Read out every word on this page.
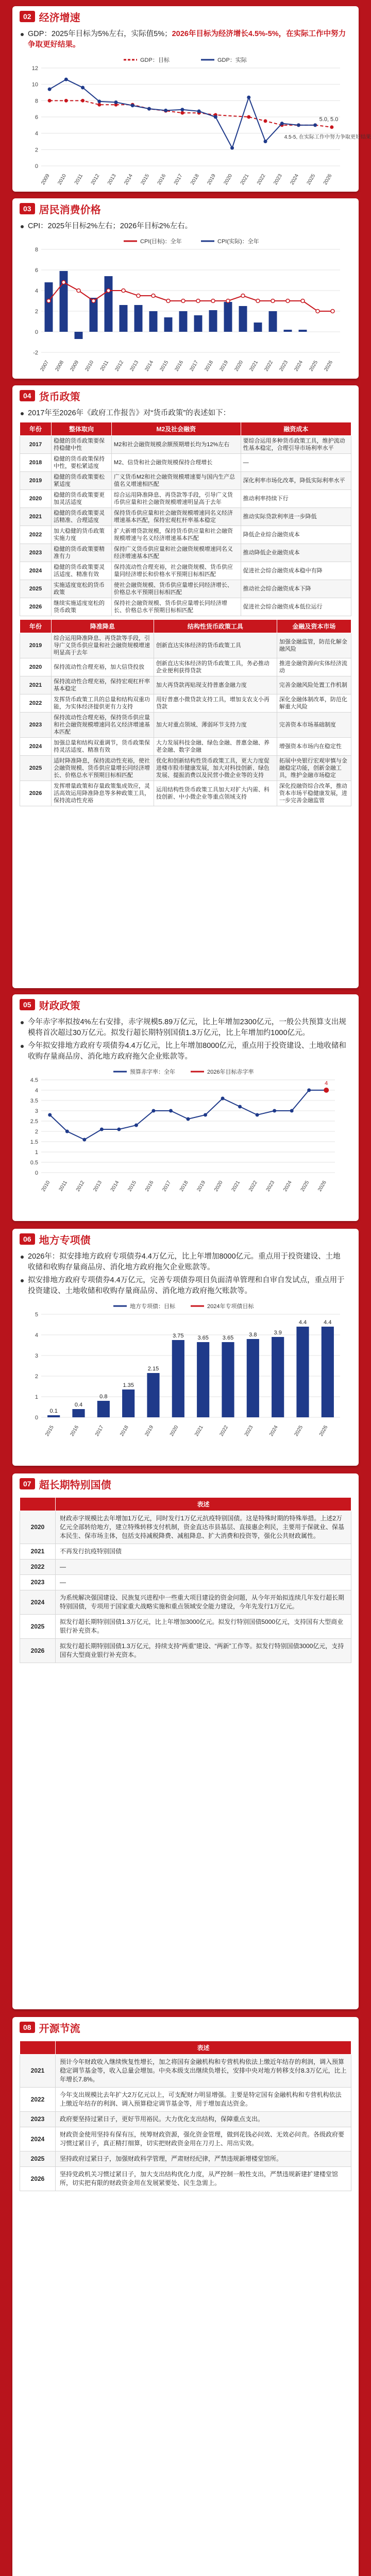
02 经济增速
GDP：2025年目标为5%左右，实际值5%；2026年目标为经济增长4.5%-5%，在实际工作中努力争取更好结果。
GDP：目标	GDP：实际
0
2
4
6
8
10
12
2009 2010 2011 2012 2013 2014 2015 2016 2017 2018 2019 2020 2021 2022 2023 2024 2025 2026
5.0, 5.0
4.5-5, 在实际工作中努力争取更好结果
03 居民消费价格
CPI：2025年目标2%左右；2026年目标2%左右。
CPI(目标)：全年	CPI(实际)：全年
-2
0
2
4
6
8
2007 2008 2009 2010 2011 2012 2013 2014 2015 2016 2017 2018 2019 2020 2021 2022 2023 2024 2025 2026
04 货币政策
2017年至2026年《政府工作报告》对“货币政策”的表述如下：
年份	整体取向	M2及社会融资	融资成本
2017	稳健的货币政策要保持稳健中性	M2和社会融资规模余额预期增长均为12%左右	要综合运用多种货币政策工具，维护流动性基本稳定，合理引导市场利率水平
2018	稳健的货币政策保持中性，要松紧适度	M2、信贷和社会融资规模保持合理增长	—
2019	稳健的货币政策要松紧适度	广义货币M2和社会融资规模增速要与国内生产总值名义增速相匹配	深化利率市场化改革，降低实际利率水平
2020	稳健的货币政策要更加灵活适度	综合运用降准降息、再贷款等手段，引导广义货币供应量和社会融资规模增速明显高于去年	推动利率持续下行
2021	稳健的货币政策要灵活精准、合理适度	保持货币供应量和社会融资规模增速同名义经济增速基本匹配，保持宏观杠杆率基本稳定	推动实际贷款利率进一步降低
2022	加大稳健的货币政策实施力度	扩大新增贷款规模，保持货币供应量和社会融资规模增速与名义经济增速基本匹配	降低企业综合融资成本
2023	稳健的货币政策要精准有力	保持广义货币供应量和社会融资规模增速同名义经济增速基本匹配	推动降低企业融资成本
2024	稳健的货币政策要灵活适度、精准有效	保持流动性合理充裕，社会融资规模、货币供应量同经济增长和价格水平预期目标相匹配	促进社会综合融资成本稳中有降
2025	实施适度宽松的货币政策	使社会融资规模、货币供应量增长同经济增长、价格总水平预期目标相匹配	推动社会综合融资成本下降
2026	继续实施适度宽松的货币政策	保持社会融资规模、货币供应量增长同经济增长、价格总水平预期目标相匹配	促进社会综合融资成本低位运行
年份	降准降息	结构性货币政策工具	金融及资本市场
2019	综合运用降准降息、再贷款等手段，引导广义货币供应量和社会融资规模增速明显高于去年	创新直达实体经济的货币政策工具	加强金融监管，防范化解金融风险
2020	保持流动性合理充裕，加大信贷投放	创新直达实体经济的货币政策工具，务必推动企业便利获得贷款	推进金融资源向实体经济流动
2021	保持流动性合理充裕，保持宏观杠杆率基本稳定	加大再贷款再贴现支持普惠金融力度	完善金融风险处置工作机制
2022	发挥货币政策工具的总量和结构双重功能，为实体经济提供更有力支持	用好普惠小微贷款支持工具，增加支农支小再贷款	深化金融体制改革，防范化解重大风险
2023	保持流动性合理充裕，保持货币供应量和社会融资规模增速同名义经济增速基本匹配	加大对重点领域、薄弱环节支持力度	完善资本市场基础制度
2024	加强总量和结构双重调节，货币政策保持灵活适度、精准有效	大力发展科技金融、绿色金融、普惠金融、养老金融、数字金融	增强资本市场内在稳定性
2025	适时降准降息，保持流动性充裕，使社会融资规模、货币供应量增长同经济增长、价格总水平预期目标相匹配	优化和创新结构性货币政策工具，更大力度促进楼市股市健康发展，加大对科技创新、绿色发展、提振消费以及民营小微企业等的支持	拓展中央银行宏观审慎与金融稳定功能，创新金融工具，维护金融市场稳定
2026	发挥增量政策和存量政策集成效应，灵活高效运用降准降息等多种政策工具，保持流动性充裕	运用结构性货币政策工具加大对扩大内需、科技创新、中小微企业等重点领域支持	深化投融资综合改革，推动资本市场平稳健康发展，进一步完善金融监管
05 财政政策
今年赤字率拟按4%左右安排，赤字规模5.89万亿元，比上年增加2300亿元，一般公共预算支出规模将首次超过30万亿元。拟发行超长期特别国债1.3万亿元，比上年增加约1000亿元。
今年拟安排地方政府专项债券4.4万亿元，比上年增加8000亿元，重点用于投资建设、土地收储和收购存量商品房、消化地方政府拖欠企业账款等。
预算赤字率：全年	2026年目标赤字率
0
0.5
1
1.5
2
2.5
3
3.5
4
4.5
2010 2011 2012 2013 2014 2015 2016 2017 2018 2019 2020 2021 2022 2023 2024 2025 2026
4
06 地方专项债
2026年：拟安排地方政府专项债券4.4万亿元，比上年增加8000亿元。重点用于投资建设、土地收储和收购存量商品房、消化地方政府拖欠企业账款等。
拟安排地方政府专项债券4.4万亿元，完善专项债券项目负面清单管理和自审自发试点，重点用于投资建设、土地收储和收购存量商品房、消化地方政府拖欠账款等。
地方专项债：目标	2024年专项债目标
0
1
2
3
4
5
2015	2016	2017	2018	2019	2020	2021	2022	2023	2024	2025	2026
0.1
0.4
0.8
1.35
2.15
3.75 3.65 3.65	3.8	3.9
4.4	4.4
07 超长期特别国债
	表述
2020	财政赤字规模比去年增加1万亿元，同时发行1万亿元抗疫特别国债。这是特殊时期的特殊举措。上述2万亿元全部转给地方，建立特殊转移支付机制，资金直达市县基层、直接惠企利民，主要用于保就业、保基本民生、保市场主体，包括支持减税降费、减租降息、扩大消费和投资等，强化公共财政属性。
2021	不再发行抗疫特别国债
2022	—
2023	—
2024	为系统解决强国建设、民族复兴进程中一些重大项目建设的资金问题，从今年开始拟连续几年发行超长期特别国债，专项用于国家重大战略实施和重点领域安全能力建设，今年先发行1万亿元。
2025	拟发行超长期特别国债1.3万亿元，比上年增加3000亿元。拟发行特别国债5000亿元，支持国有大型商业银行补充资本。
2026	拟发行超长期特别国债1.3万亿元，持续支持“两重”建设、“两新”工作等。拟发行特别国债3000亿元，支持国有大型商业银行补充资本。
08 开源节流
	表述
2021	预计今年财政收入继续恢复性增长，加之将国有金融机构和专营机构依法上缴近年结存的利润，调入预算稳定调节基金等，收入总量会增加。中央本级支出继续负增长，安排中央对地方转移支付8.3万亿元，比上年增长7.8%。
2022	今年支出规模比去年扩大2万亿元以上，可支配财力明显增强。主要是特定国有金融机构和专营机构依法上缴近年结存的利润、调入预算稳定调节基金等，用于增加直达资金。
2023	政府要坚持过紧日子，更好节用裕民。大力优化支出结构，保障重点支出。
2024	财政资金使用坚持有保有压，统筹财政资源，强化资金管理，做到花钱必问效、无效必问责。各级政府要习惯过紧日子，真正精打细算，切实把财政资金用在刀刃上、用出实效。
2025	坚持政府过紧日子，加强财政科学管理，严肃财经纪律，严禁违规新增楼堂馆所。
2026	坚持党政机关习惯过紧日子，加大支出结构优化力度，从严控制一般性支出，严禁违规新建扩建楼堂馆所，切实把有限的财政资金用在发展紧要处、民生急需上。
